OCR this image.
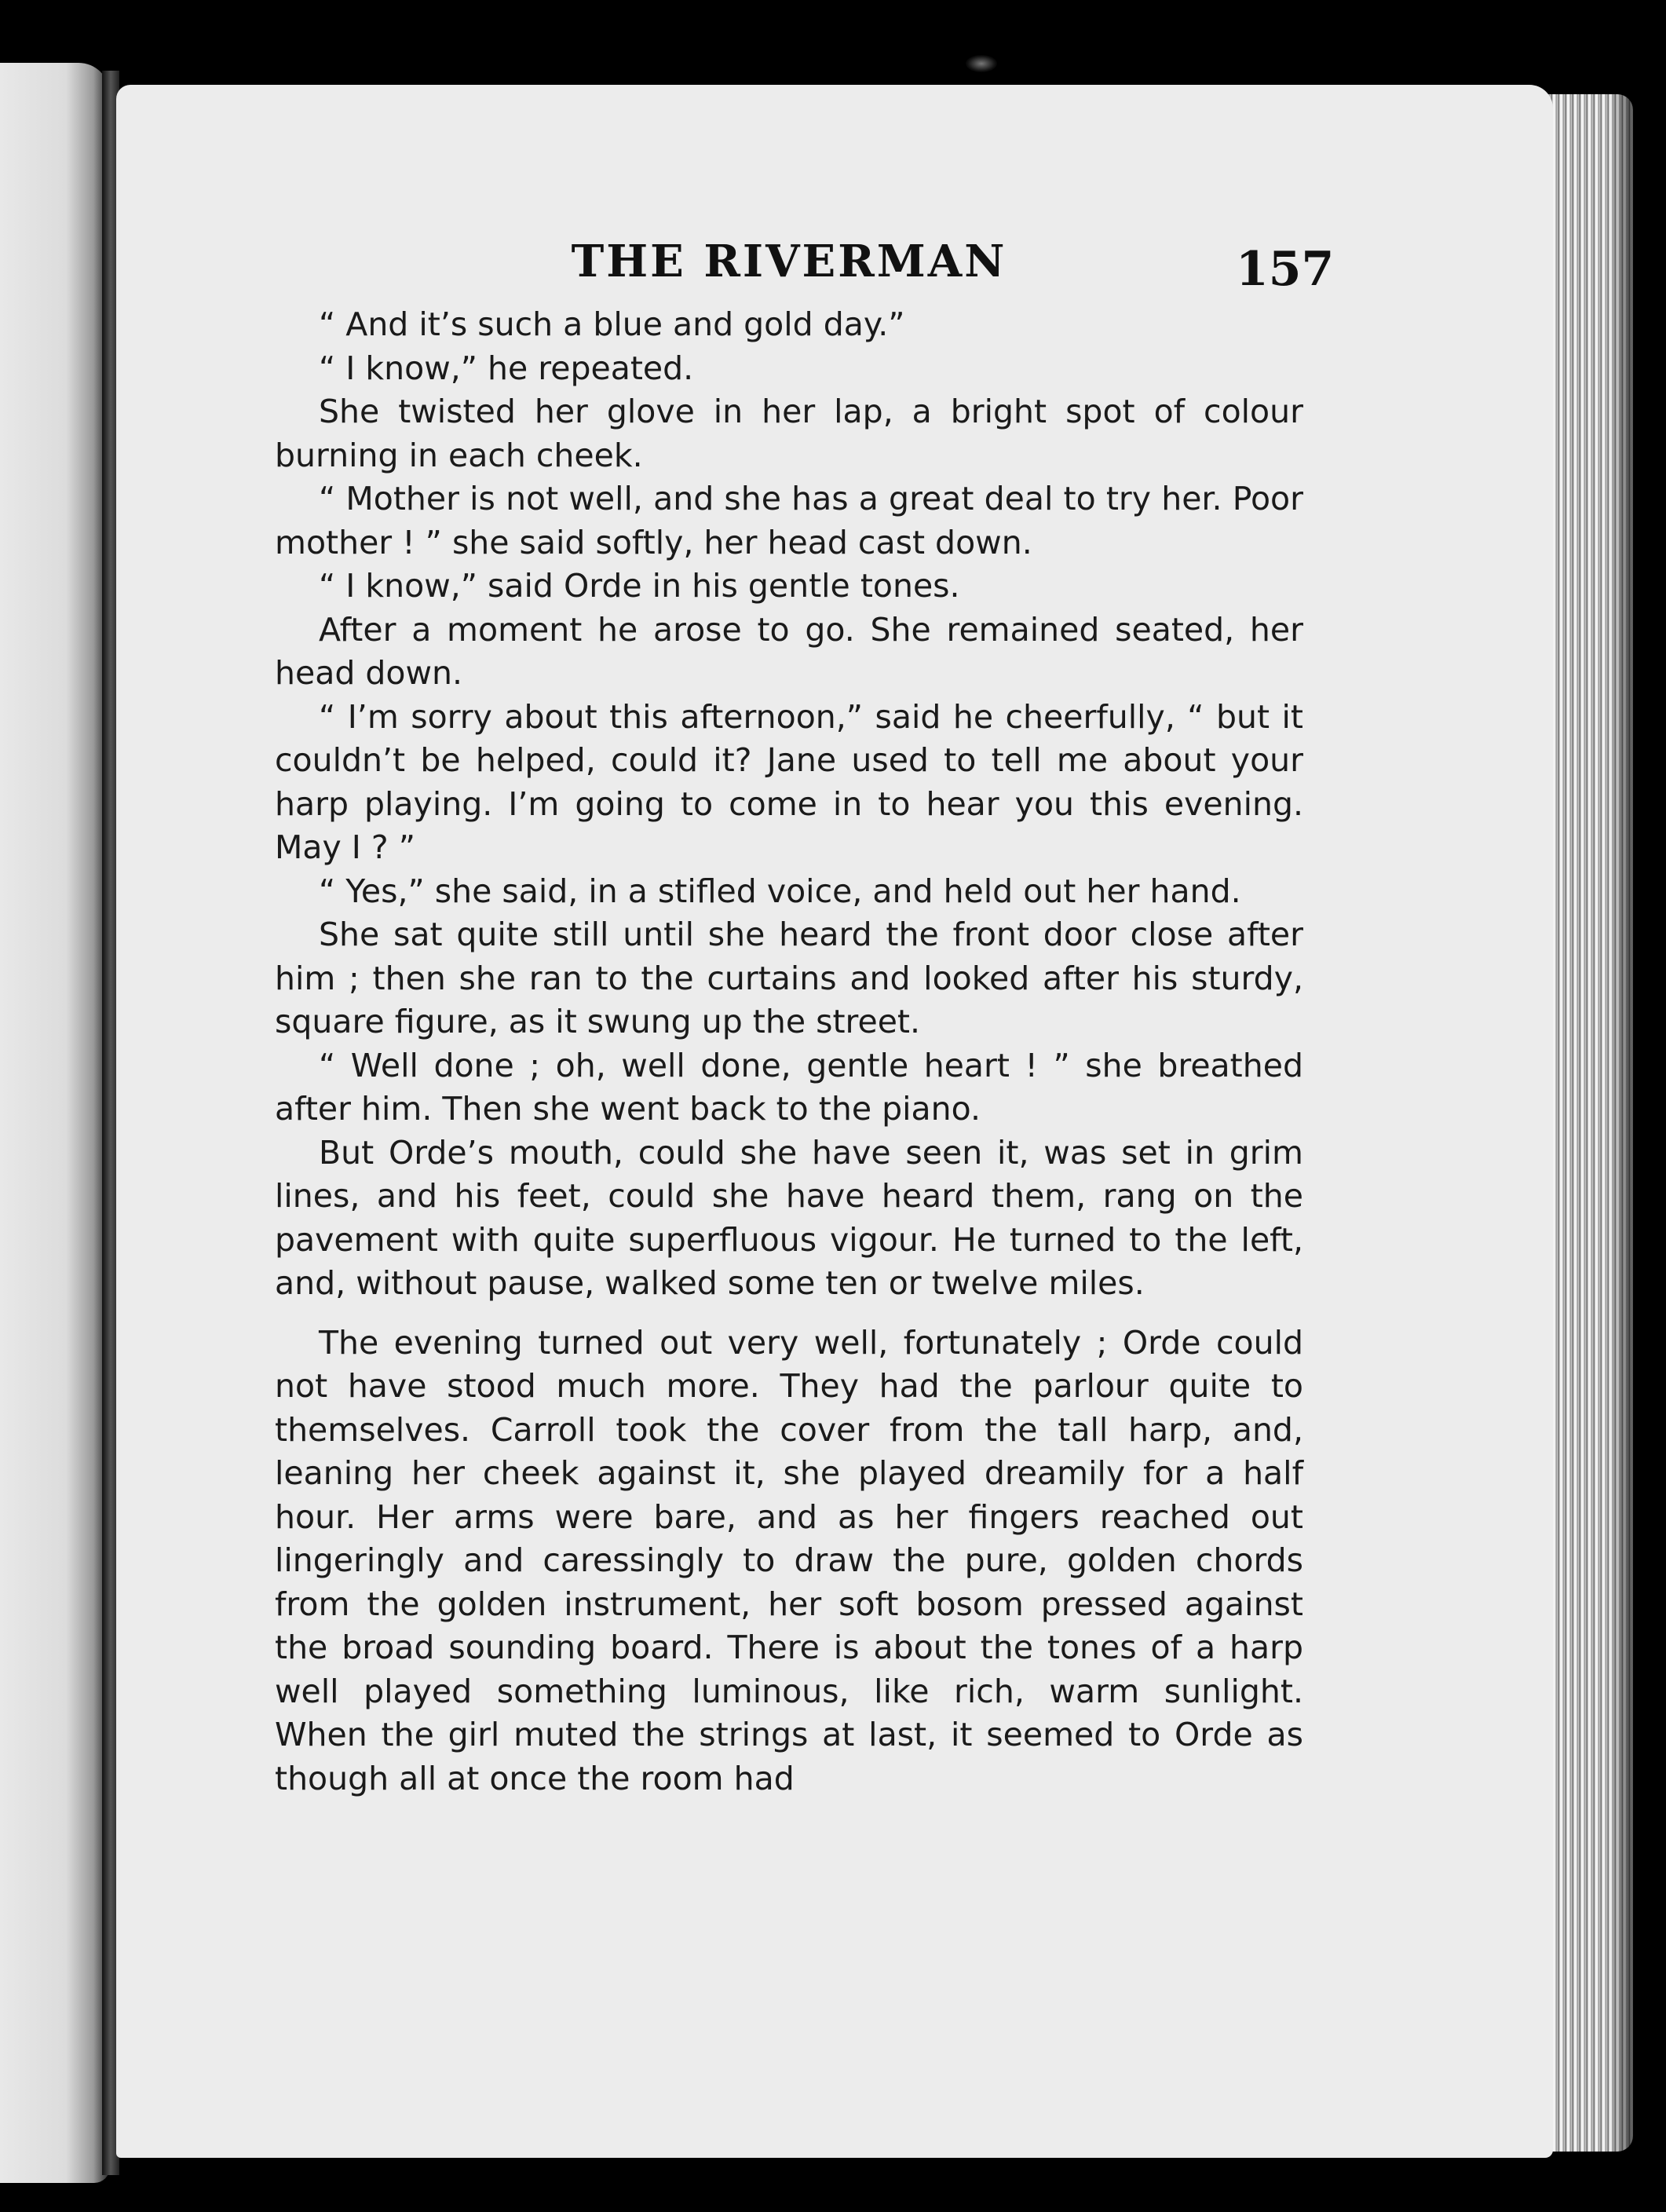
THE RIVERMAN	157

“ And it’s such a blue and gold day.”

“ I know,” he repeated.

She twisted her glove in her lap, a bright spot of colour burning in each cheek.

“ Mother is not well, and she has a great deal to try her. Poor mother ! ” she said softly, her head cast down.

“ I know,” said Orde in his gentle tones.

After a moment he arose to go. She remained seated, her head down.

“ I’m sorry about this afternoon,” said he cheerfully, “ but it couldn’t be helped, could it? Jane used to tell me about your harp playing. I’m going to come in to hear you this evening. May I ? ”

“ Yes,” she said, in a stifled voice, and held out her hand.

She sat quite still until she heard the front door close after him ; then she ran to the curtains and looked after his sturdy, square figure, as it swung up the street.

“ Well done ; oh, well done, gentle heart ! ” she breathed after him. Then she went back to the piano.

But Orde’s mouth, could she have seen it, was set in grim lines, and his feet, could she have heard them, rang on the pavement with quite superfluous vigour. He turned to the left, and, without pause, walked some ten or twelve miles.

The evening turned out very well, fortunately ; Orde could not have stood much more. They had the parlour quite to themselves. Carroll took the cover from the tall harp, and, leaning her cheek against it, she played dreamily for a half hour. Her arms were bare, and as her fingers reached out lingeringly and caressingly to draw the pure, golden chords from the golden instrument, her soft bosom pressed against the broad sounding board. There is about the tones of a harp well played something luminous, like rich, warm sunlight. When the girl muted the strings at last, it seemed to Orde as though all at once the room had
